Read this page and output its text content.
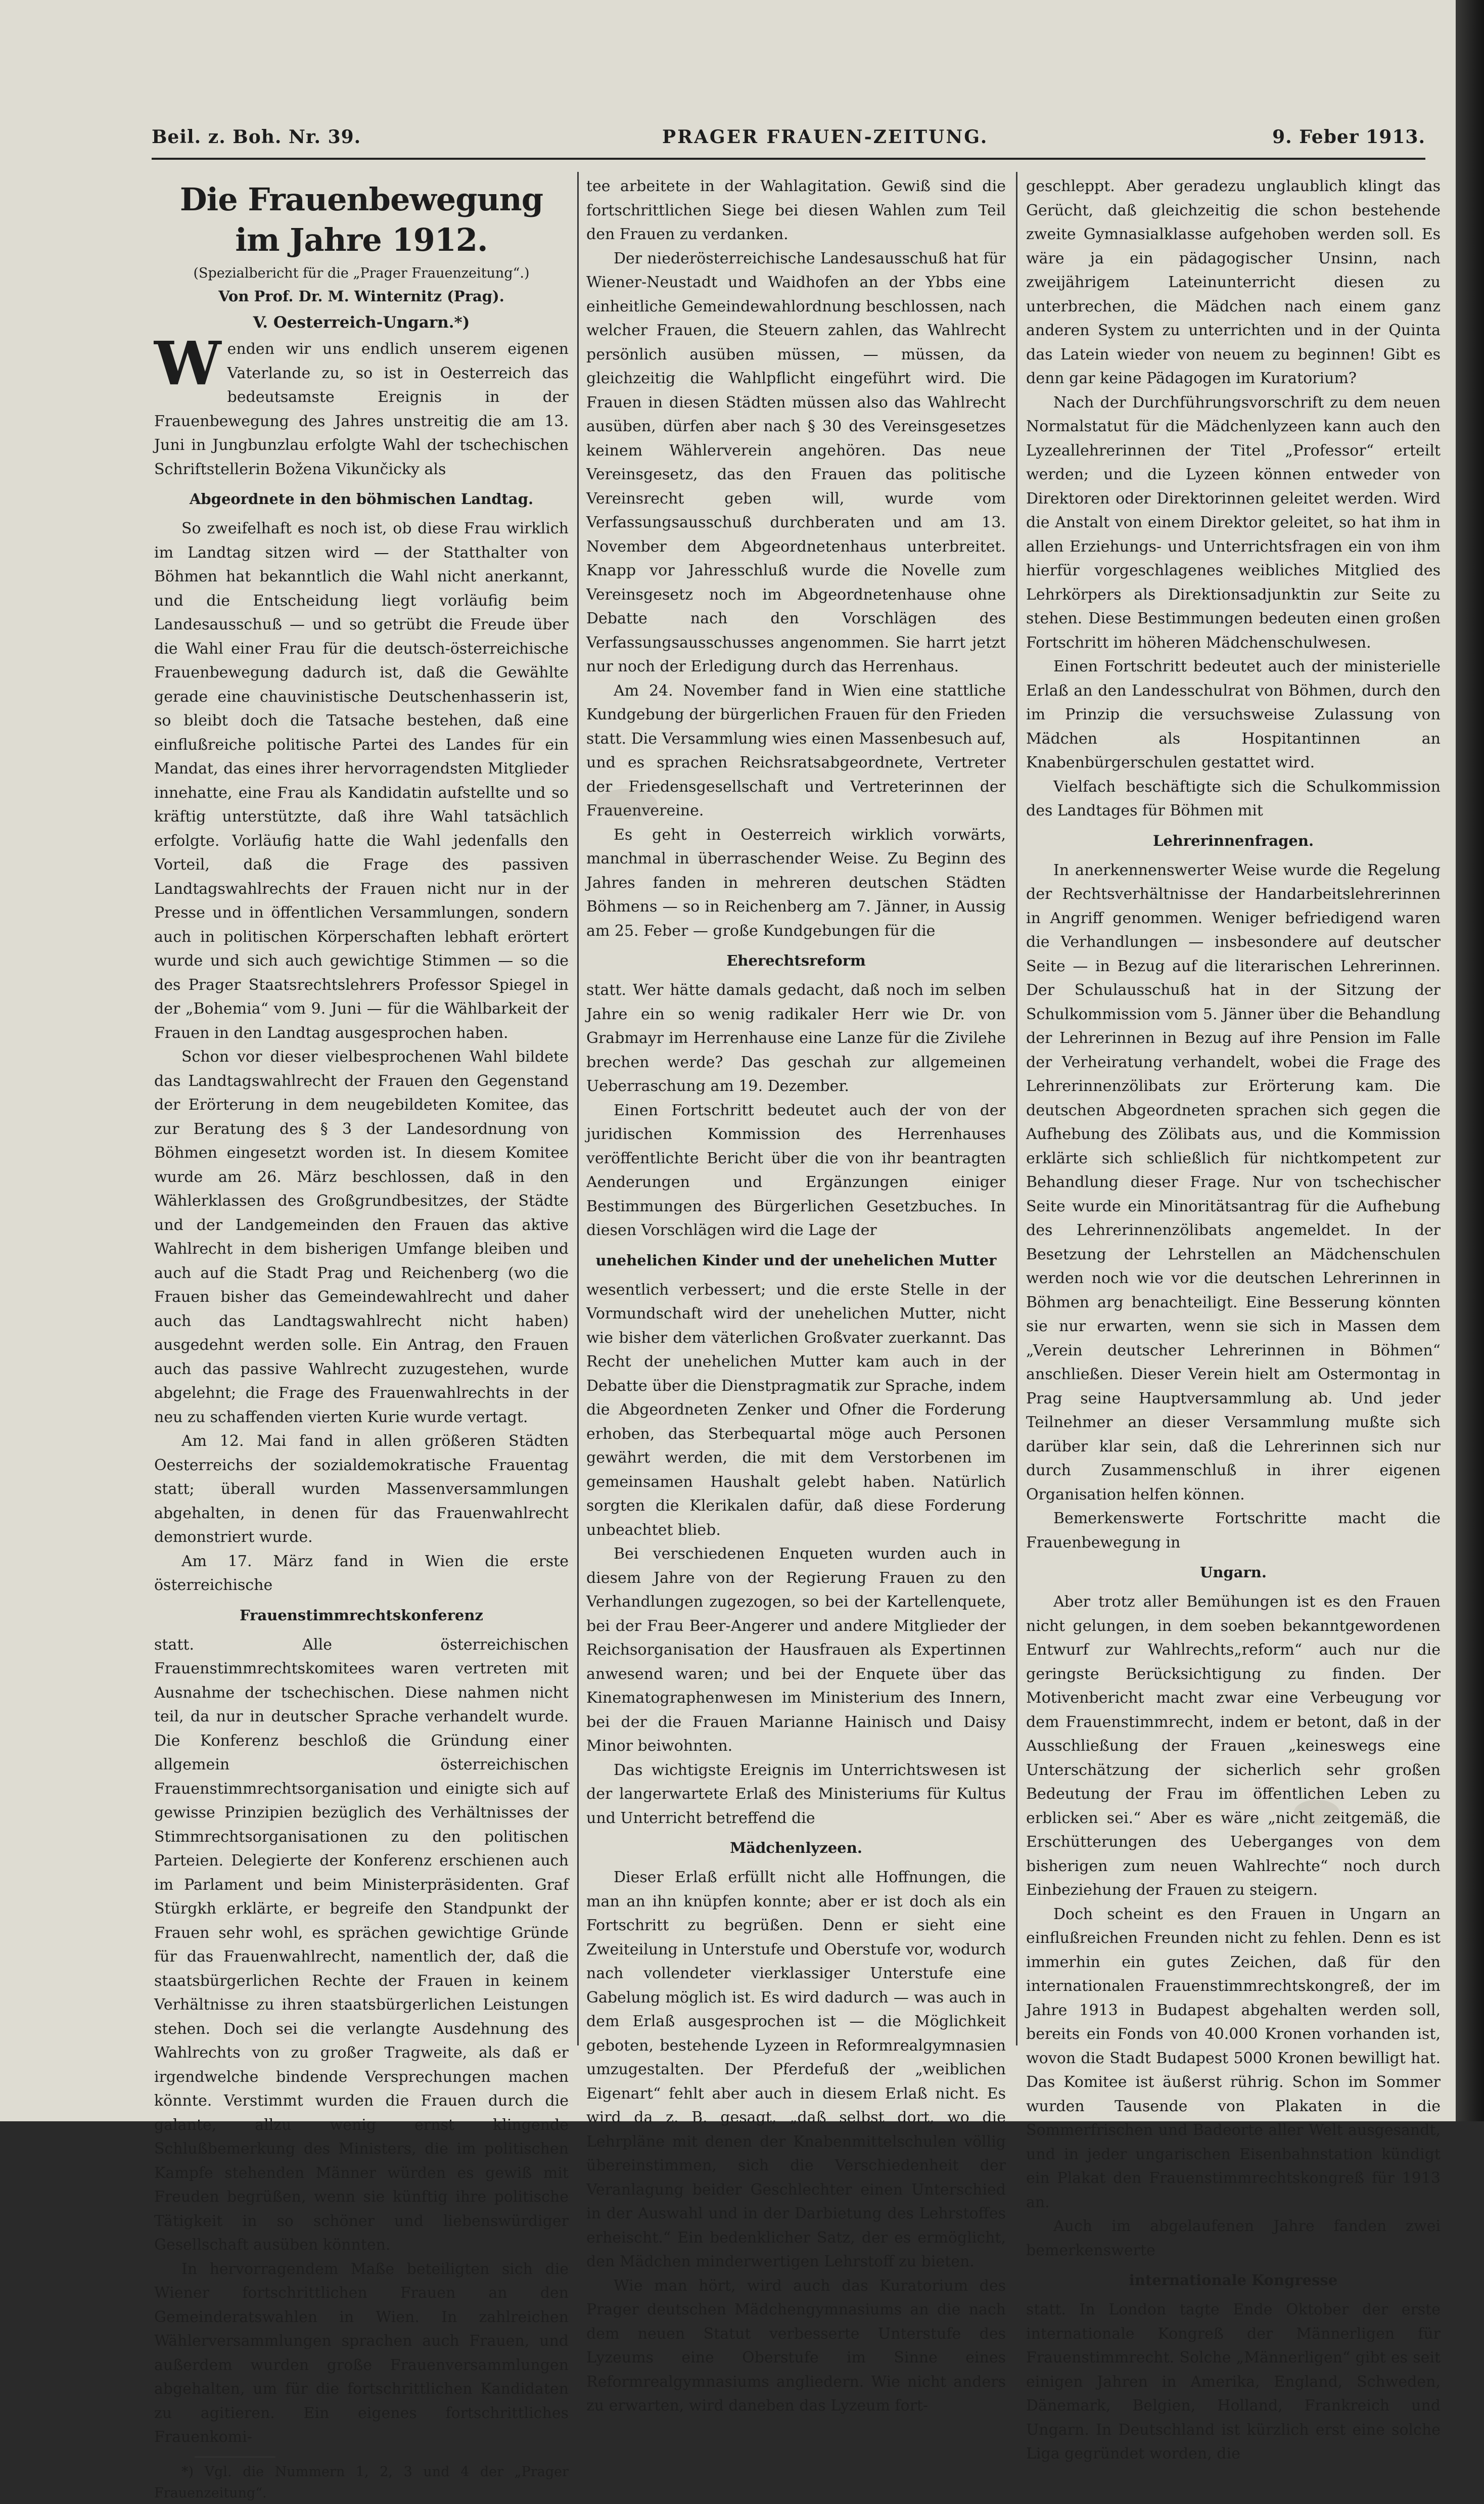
Beil. z. Boh. Nr. 39.	PRAGER FRAUEN-ZEITUNG.	9. Feber 1913.
Die Frauenbewegung im Jahre 1912.

(Spezialbericht für die „Prager Frauenzeitung“.)

Von Prof. Dr. M. Winternitz (Prag).

V. Oesterreich-Ungarn.*)

Wenden wir uns endlich unserem eigenen Vaterlande zu, so ist in Oesterreich das bedeutsamste Ereignis in der Frauenbewegung des Jahres unstreitig die am 13. Juni in Jungbunzlau erfolgte Wahl der tschechischen Schriftstellerin Božena Vikunčicky als

Abgeordnete in den böhmischen Landtag.

So zweifelhaft es noch ist, ob diese Frau wirklich im Landtag sitzen wird — der Statthalter von Böhmen hat bekanntlich die Wahl nicht anerkannt, und die Entscheidung liegt vorläufig beim Landesausschuß — und so getrübt die Freude über die Wahl einer Frau für die deutsch-österreichische Frauenbewegung dadurch ist, daß die Gewählte gerade eine chauvinistische Deutschenhasserin ist, so bleibt doch die Tatsache bestehen, daß eine einflußreiche politische Partei des Landes für ein Mandat, das eines ihrer hervorragendsten Mitglieder innehatte, eine Frau als Kandidatin aufstellte und so kräftig unterstützte, daß ihre Wahl tatsächlich erfolgte. Vorläufig hatte die Wahl jedenfalls den Vorteil, daß die Frage des passiven Landtagswahlrechts der Frauen nicht nur in der Presse und in öffentlichen Versammlungen, sondern auch in politischen Körperschaften lebhaft erörtert wurde und sich auch gewichtige Stimmen — so die des Prager Staatsrechtslehrers Professor Spiegel in der „Bohemia“ vom 9. Juni — für die Wählbarkeit der Frauen in den Landtag ausgesprochen haben.

Schon vor dieser vielbesprochenen Wahl bildete das Landtagswahlrecht der Frauen den Gegenstand der Erörterung in dem neugebildeten Komitee, das zur Beratung des § 3 der Landesordnung von Böhmen eingesetzt worden ist. In diesem Komitee wurde am 26. März beschlossen, daß in den Wählerklassen des Großgrundbesitzes, der Städte und der Landgemeinden den Frauen das aktive Wahlrecht in dem bisherigen Umfange bleiben und auch auf die Stadt Prag und Reichenberg (wo die Frauen bisher das Gemeindewahlrecht und daher auch das Landtagswahlrecht nicht haben) ausgedehnt werden solle. Ein Antrag, den Frauen auch das passive Wahlrecht zuzugestehen, wurde abgelehnt; die Frage des Frauenwahlrechts in der neu zu schaffenden vierten Kurie wurde vertagt.

Am 12. Mai fand in allen größeren Städten Oesterreichs der sozialdemokratische Frauentag statt; überall wurden Massenversammlungen abgehalten, in denen für das Frauenwahlrecht demonstriert wurde.

Am 17. März fand in Wien die erste österreichische

Frauenstimmrechtskonferenz

statt. Alle österreichischen Frauenstimmrechtskomitees waren vertreten mit Ausnahme der tschechischen. Diese nahmen nicht teil, da nur in deutscher Sprache verhandelt wurde. Die Konferenz beschloß die Gründung einer allgemein österreichischen Frauenstimmrechtsorganisation und einigte sich auf gewisse Prinzipien bezüglich des Verhältnisses der Stimmrechtsorganisationen zu den politischen Parteien. Delegierte der Konferenz erschienen auch im Parlament und beim Ministerpräsidenten. Graf Stürgkh erklärte, er begreife den Standpunkt der Frauen sehr wohl, es sprächen gewichtige Gründe für das Frauenwahlrecht, namentlich der, daß die staatsbürgerlichen Rechte der Frauen in keinem Verhältnisse zu ihren staatsbürgerlichen Leistungen stehen. Doch sei die verlangte Ausdehnung des Wahlrechts von zu großer Tragweite, als daß er irgendwelche bindende Versprechungen machen könnte. Verstimmt wurden die Frauen durch die galante, allzu wenig ernst klingende Schlußbemerkung des Ministers, die im politischen Kampfe stehenden Männer würden es gewiß mit Freuden begrüßen, wenn sie künftig ihre politische Tätigkeit in so schöner und liebenswürdiger Gesellschaft ausüben könnten.

In hervorragendem Maße beteiligten sich die Wiener fortschrittlichen Frauen an den Gemeinderatswahlen in Wien. In zahlreichen Wählerversammlungen sprachen auch Frauen, und außerdem wurden große Frauenversammlungen abgehalten, um für die fortschrittlichen Kandidaten zu agitieren. Ein eigenes fortschrittliches Frauenkomi-

*) Vgl. die Nummern 1, 2, 3 und 4 der „Prager Frauenzeitung“.

tee arbeitete in der Wahlagitation. Gewiß sind die fortschrittlichen Siege bei diesen Wahlen zum Teil den Frauen zu verdanken.

Der niederösterreichische Landesausschuß hat für Wiener-Neustadt und Waidhofen an der Ybbs eine einheitliche Gemeindewahlordnung beschlossen, nach welcher Frauen, die Steuern zahlen, das Wahlrecht persönlich ausüben müssen, — müssen, da gleichzeitig die Wahlpflicht eingeführt wird. Die Frauen in diesen Städten müssen also das Wahlrecht ausüben, dürfen aber nach § 30 des Vereinsgesetzes keinem Wählerverein angehören. Das neue Vereinsgesetz, das den Frauen das politische Vereinsrecht geben will, wurde vom Verfassungsausschuß durchberaten und am 13. November dem Abgeordnetenhaus unterbreitet. Knapp vor Jahresschluß wurde die Novelle zum Vereinsgesetz noch im Abgeordnetenhause ohne Debatte nach den Vorschlägen des Verfassungsausschusses angenommen. Sie harrt jetzt nur noch der Erledigung durch das Herrenhaus.

Am 24. November fand in Wien eine stattliche Kundgebung der bürgerlichen Frauen für den Frieden statt. Die Versammlung wies einen Massenbesuch auf, und es sprachen Reichsratsabgeordnete, Vertreter der Friedensgesellschaft und Vertreterinnen der Frauenvereine.

Es geht in Oesterreich wirklich vorwärts, manchmal in überraschender Weise. Zu Beginn des Jahres fanden in mehreren deutschen Städten Böhmens — so in Reichenberg am 7. Jänner, in Aussig am 25. Feber — große Kundgebungen für die

Eherechtsreform

statt. Wer hätte damals gedacht, daß noch im selben Jahre ein so wenig radikaler Herr wie Dr. von Grabmayr im Herrenhause eine Lanze für die Zivilehe brechen werde? Das geschah zur allgemeinen Ueberraschung am 19. Dezember.

Einen Fortschritt bedeutet auch der von der juridischen Kommission des Herrenhauses veröffentlichte Bericht über die von ihr beantragten Aenderungen und Ergänzungen einiger Bestimmungen des Bürgerlichen Gesetzbuches. In diesen Vorschlägen wird die Lage der

unehelichen Kinder und der unehelichen Mutter

wesentlich verbessert; und die erste Stelle in der Vormundschaft wird der unehelichen Mutter, nicht wie bisher dem väterlichen Großvater zuerkannt. Das Recht der unehelichen Mutter kam auch in der Debatte über die Dienstpragmatik zur Sprache, indem die Abgeordneten Zenker und Ofner die Forderung erhoben, das Sterbequartal möge auch Personen gewährt werden, die mit dem Verstorbenen im gemeinsamen Haushalt gelebt haben. Natürlich sorgten die Klerikalen dafür, daß diese Forderung unbeachtet blieb.

Bei verschiedenen Enqueten wurden auch in diesem Jahre von der Regierung Frauen zu den Verhandlungen zugezogen, so bei der Kartellenquete, bei der Frau Beer-Angerer und andere Mitglieder der Reichsorganisation der Hausfrauen als Expertinnen anwesend waren; und bei der Enquete über das Kinematographenwesen im Ministerium des Innern, bei der die Frauen Marianne Hainisch und Daisy Minor beiwohnten.

Das wichtigste Ereignis im Unterrichtswesen ist der langerwartete Erlaß des Ministeriums für Kultus und Unterricht betreffend die

Mädchenlyzeen.

Dieser Erlaß erfüllt nicht alle Hoffnungen, die man an ihn knüpfen konnte; aber er ist doch als ein Fortschritt zu begrüßen. Denn er sieht eine Zweiteilung in Unterstufe und Oberstufe vor, wodurch nach vollendeter vierklassiger Unterstufe eine Gabelung möglich ist. Es wird dadurch — was auch in dem Erlaß ausgesprochen ist — die Möglichkeit geboten, bestehende Lyzeen in Reformrealgymnasien umzugestalten. Der Pferdefuß der „weiblichen Eigenart“ fehlt aber auch in diesem Erlaß nicht. Es wird da z. B. gesagt, „daß selbst dort, wo die Lehrpläne mit denen der Knabenmittelschulen völlig übereinstimmen, sich die Verschiedenheit der Veranlagung beider Geschlechter einen Unterschied in der Auswahl und in der Darbietung des Lehrstoffes erheischt.“ Ein bedenklicher Satz, der es ermöglicht, den Mädchen minderwertigen Lehrstoff zu bieten.

Wie man hört, wird auch das Kuratorium des Prager deutschen Mädchengymnasiums an die nach dem neuen Statut verbesserte Unterstufe des Lyzeums eine Oberstufe im Sinne eines Reformrealgymnasiums angliedern. Wie nicht anders zu erwarten, wird daneben das Lyzeum fort-

geschleppt. Aber geradezu unglaublich klingt das Gerücht, daß gleichzeitig die schon bestehende zweite Gymnasialklasse aufgehoben werden soll. Es wäre ja ein pädagogischer Unsinn, nach zweijährigem Lateinunterricht diesen zu unterbrechen, die Mädchen nach einem ganz anderen System zu unterrichten und in der Quinta das Latein wieder von neuem zu beginnen! Gibt es denn gar keine Pädagogen im Kuratorium?

Nach der Durchführungsvorschrift zu dem neuen Normalstatut für die Mädchenlyzeen kann auch den Lyzeallehrerinnen der Titel „Professor“ erteilt werden; und die Lyzeen können entweder von Direktoren oder Direktorinnen geleitet werden. Wird die Anstalt von einem Direktor geleitet, so hat ihm in allen Erziehungs- und Unterrichtsfragen ein von ihm hierfür vorgeschlagenes weibliches Mitglied des Lehrkörpers als Direktionsadjunktin zur Seite zu stehen. Diese Bestimmungen bedeuten einen großen Fortschritt im höheren Mädchenschulwesen.

Einen Fortschritt bedeutet auch der ministerielle Erlaß an den Landesschulrat von Böhmen, durch den im Prinzip die versuchsweise Zulassung von Mädchen als Hospitantinnen an Knabenbürgerschulen gestattet wird.

Vielfach beschäftigte sich die Schulkommission des Landtages für Böhmen mit

Lehrerinnenfragen.

In anerkennenswerter Weise wurde die Regelung der Rechtsverhältnisse der Handarbeitslehrerinnen in Angriff genommen. Weniger befriedigend waren die Verhandlungen — insbesondere auf deutscher Seite — in Bezug auf die literarischen Lehrerinnen. Der Schulausschuß hat in der Sitzung der Schulkommission vom 5. Jänner über die Behandlung der Lehrerinnen in Bezug auf ihre Pension im Falle der Verheiratung verhandelt, wobei die Frage des Lehrerinnenzölibats zur Erörterung kam. Die deutschen Abgeordneten sprachen sich gegen die Aufhebung des Zölibats aus, und die Kommission erklärte sich schließlich für nichtkompetent zur Behandlung dieser Frage. Nur von tschechischer Seite wurde ein Minoritätsantrag für die Aufhebung des Lehrerinnenzölibats angemeldet. In der Besetzung der Lehrstellen an Mädchenschulen werden noch wie vor die deutschen Lehrerinnen in Böhmen arg benachteiligt. Eine Besserung könnten sie nur erwarten, wenn sie sich in Massen dem „Verein deutscher Lehrerinnen in Böhmen“ anschließen. Dieser Verein hielt am Ostermontag in Prag seine Hauptversammlung ab. Und jeder Teilnehmer an dieser Versammlung mußte sich darüber klar sein, daß die Lehrerinnen sich nur durch Zusammenschluß in ihrer eigenen Organisation helfen können.

Bemerkenswerte Fortschritte macht die Frauenbewegung in

Ungarn.

Aber trotz aller Bemühungen ist es den Frauen nicht gelungen, in dem soeben bekanntgewordenen Entwurf zur Wahlrechts„reform“ auch nur die geringste Berücksichtigung zu finden. Der Motivenbericht macht zwar eine Verbeugung vor dem Frauenstimmrecht, indem er betont, daß in der Ausschließung der Frauen „keineswegs eine Unterschätzung der sicherlich sehr großen Bedeutung der Frau im öffentlichen Leben zu erblicken sei.“ Aber es wäre „nicht zeitgemäß, die Erschütterungen des Ueberganges von dem bisherigen zum neuen Wahlrechte“ noch durch Einbeziehung der Frauen zu steigern.

Doch scheint es den Frauen in Ungarn an einflußreichen Freunden nicht zu fehlen. Denn es ist immerhin ein gutes Zeichen, daß für den internationalen Frauenstimmrechtskongreß, der im Jahre 1913 in Budapest abgehalten werden soll, bereits ein Fonds von 40.000 Kronen vorhanden ist, wovon die Stadt Budapest 5000 Kronen bewilligt hat. Das Komitee ist äußerst rührig. Schon im Sommer wurden Tausende von Plakaten in die Sommerfrischen und Badeorte aller Welt ausgesandt, und in jeder ungarischen Eisenbahnstation kündigt ein Plakat den Frauenstimmrechtskongreß für 1913 an.

Auch im abgelaufenen Jahre fanden zwei bemerkenswerte

internationale Kongresse

statt. In London tagte Ende Oktober der erste internationale Kongreß der Männerligen für Frauenstimmrecht. Solche „Männerligen“ gibt es seit einigen Jahren in Amerika, England, Schweden, Dänemark, Belgien, Holland, Frankreich und Ungarn. In Deutschland ist kürzlich erst eine solche Liga gegründet worden, die
